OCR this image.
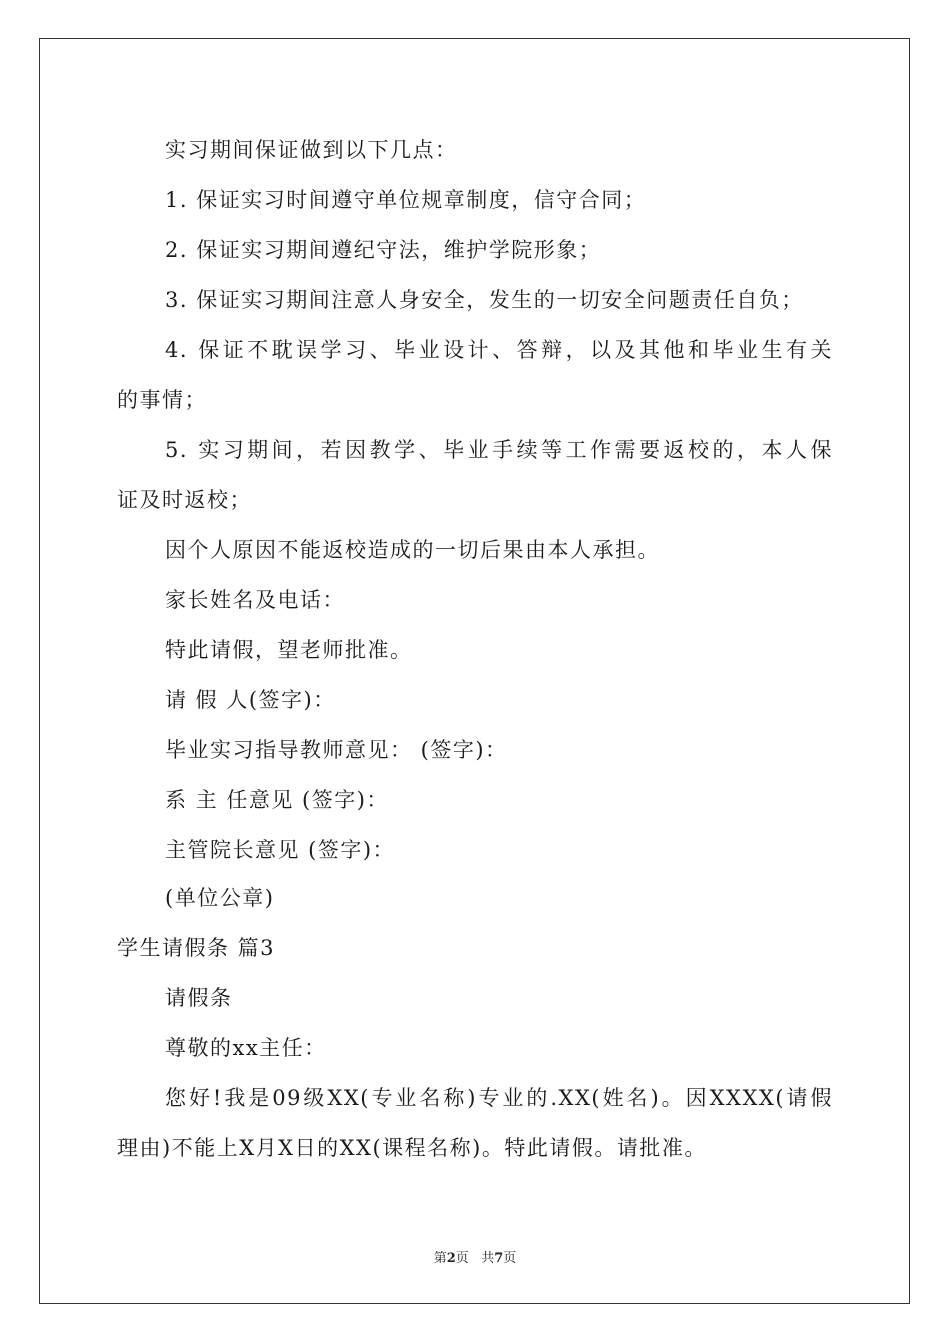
实习期间保证做到以下几点：
1. 保证实习时间遵守单位规章制度，信守合同；
2. 保证实习期间遵纪守法，维护学院形象；
3. 保证实习期间注意人身安全，发生的一切安全问题责任自负；
4. 保证不耽误学习、毕业设计、答辩，以及其他和毕业生有关
的事情；
5. 实习期间，若因教学、毕业手续等工作需要返校的，本人保
证及时返校；
因个人原因不能返校造成的一切后果由本人承担。
家长姓名及电话：
特此请假，望老师批准。
请 假 人(签字)：
毕业实习指导教师意见： (签字)：
系 主 任意见 (签字)：
主管院长意见 (签字)：
(单位公章)
学生请假条 篇3
请假条
尊敬的xx主任：
您好!我是09级XX(专业名称)专业的.XX(姓名)。因XXXX(请假
理由)不能上X月X日的XX(课程名称)。特此请假。请批准。
第2页 共7页
